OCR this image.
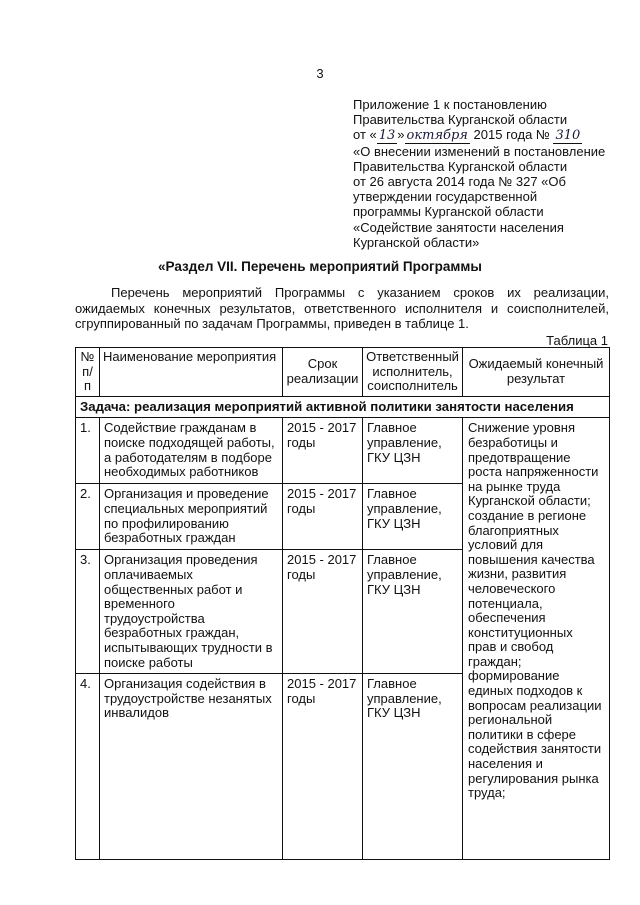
3
Приложение 1 к постановлению
Правительства Курганской области
от « 13 » октября 2015 года № 310
«О внесении изменений в постановление
Правительства Курганской области
от 26 августа 2014 года № 327 «Об
утверждении государственной
программы Курганской области
«Содействие занятости населения
Курганской области»
«Раздел VII. Перечень мероприятий Программы

Перечень мероприятий Программы с указанием сроков их реализации, ожидаемых конечных результатов, ответственного исполнителя и соисполнителей, сгруппированный по задачам Программы, приведен в таблице 1.

Таблица 1
№ п/п	Наименование мероприятия	Срок реализации	Ответственный исполнитель, соисполнитель	Ожидаемый конечный результат
Задача: реализация мероприятий активной политики занятости населения				
1.	Содействие гражданам в поиске подходящей работы, а работодателям в подборе необходимых работников	2015 - 2017 годы	Главное управление, ГКУ ЦЗН	Снижение уровня безработицы и предотвращение роста напряженности на рынке труда Курганской области; создание в регионе благоприятных условий для повышения качества жизни, развития человеческого потенциала, обеспечения конституционных прав и свобод граждан; формирование единых подходов к вопросам реализации региональной политики в сфере содействия занятости населения и регулирования рынка труда;
2.	Организация и проведение специальных мероприятий по профилированию безработных граждан	2015 - 2017 годы	Главное управление, ГКУ ЦЗН	
3.	Организация проведения оплачиваемых общественных работ и временного трудоустройства безработных граждан, испытывающих трудности в поиске работы	2015 - 2017 годы	Главное управление, ГКУ ЦЗН	
4.	Организация содействия в трудоустройстве незанятых инвалидов	2015 - 2017 годы	Главное управление, ГКУ ЦЗН	
